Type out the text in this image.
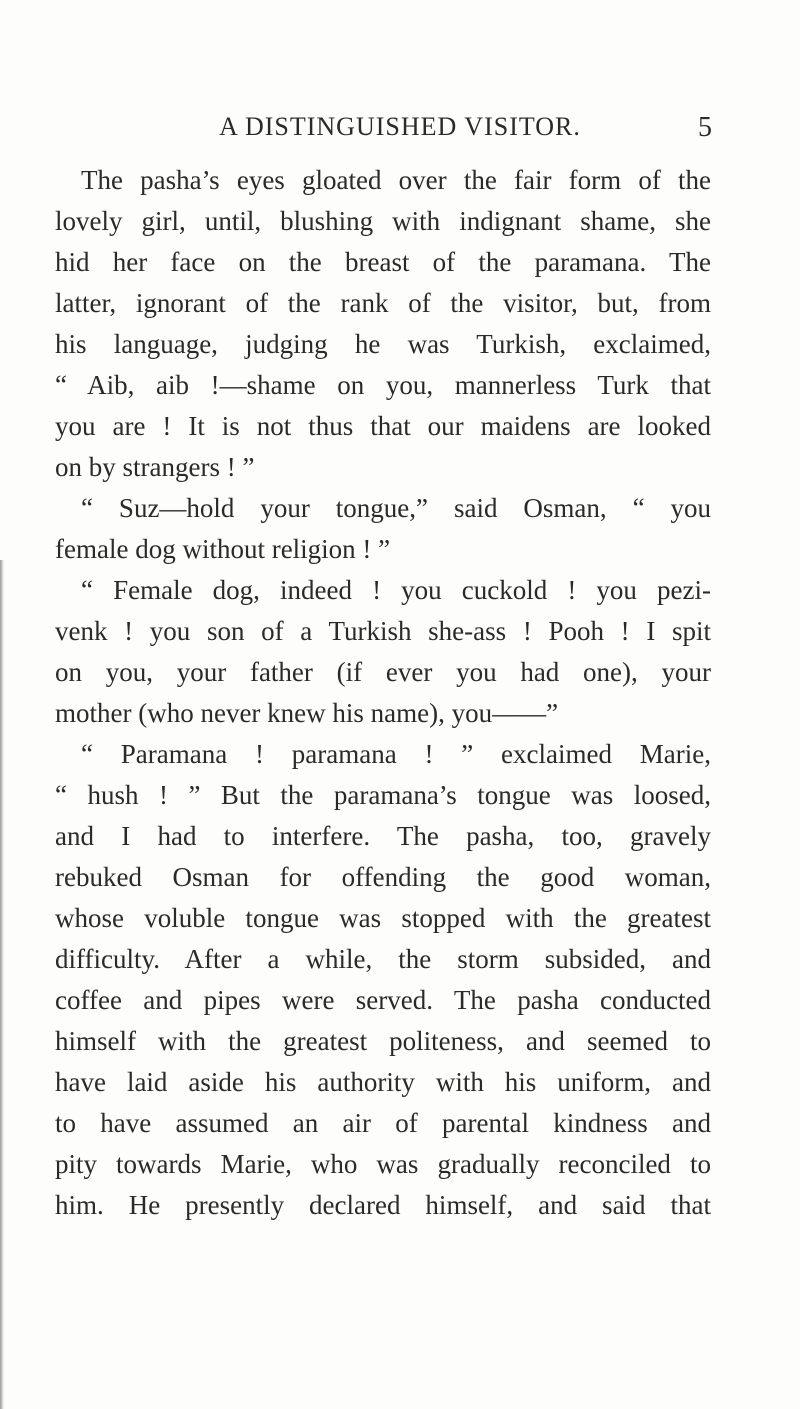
A DISTINGUISHED VISITOR.	5
The pasha’s eyes gloated over the fair form of the
lovely girl, until, blushing with indignant shame, she
hid her face on the breast of the paramana. The
latter, ignorant of the rank of the visitor, but, from
his language, judging he was Turkish, exclaimed,
“ Aib, aib !—shame on you, mannerless Turk that
you are ! It is not thus that our maidens are looked
on by strangers ! ”
“ Suz—hold your tongue,” said Osman, “ you
female dog without religion ! ”
“ Female dog, indeed ! you cuckold ! you pezi-
venk ! you son of a Turkish she-ass ! Pooh ! I spit
on you, your father (if ever you had one), your
mother (who never knew his name), you——”
“ Paramana ! paramana ! ” exclaimed Marie,
“ hush ! ” But the paramana’s tongue was loosed,
and I had to interfere. The pasha, too, gravely
rebuked Osman for offending the good woman,
whose voluble tongue was stopped with the greatest
difficulty. After a while, the storm subsided, and
coffee and pipes were served. The pasha conducted
himself with the greatest politeness, and seemed to
have laid aside his authority with his uniform, and
to have assumed an air of parental kindness and
pity towards Marie, who was gradually reconciled to
him. He presently declared himself, and said that
